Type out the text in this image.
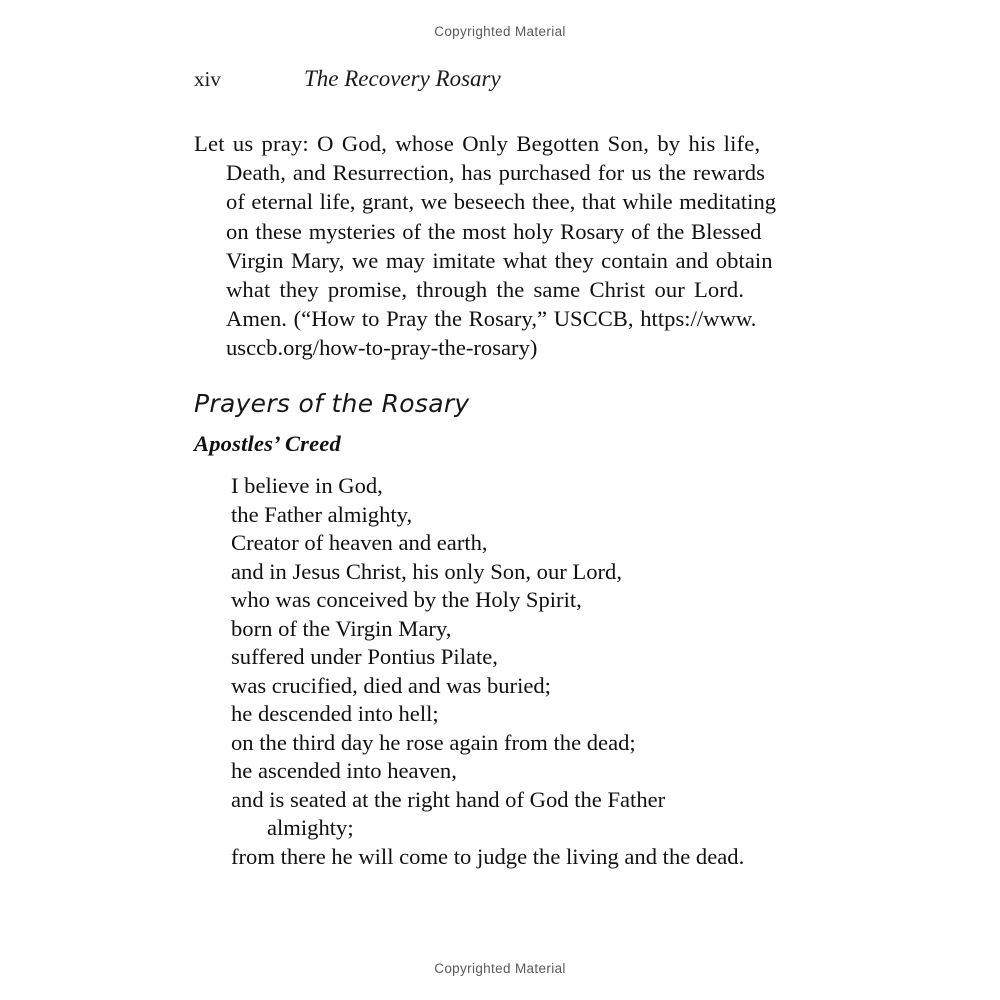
Copyrighted Material
xiv	The Recovery Rosary
Let us pray: O God, whose Only Begotten Son, by his life,
Death, and Resurrection, has purchased for us the rewards
of eternal life, grant, we beseech thee, that while meditating
on these mysteries of the most holy Rosary of the Blessed
Virgin Mary, we may imitate what they contain and obtain
what they promise, through the same Christ our Lord.
Amen. (“How to Pray the Rosary,” USCCB, https://www.
usccb.org/how-to-pray-the-rosary)
Prayers of the Rosary
Apostles’ Creed
I believe in God,
the Father almighty,
Creator of heaven and earth,
and in Jesus Christ, his only Son, our Lord,
who was conceived by the Holy Spirit,
born of the Virgin Mary,
suffered under Pontius Pilate,
was crucified, died and was buried;
he descended into hell;
on the third day he rose again from the dead;
he ascended into heaven,
and is seated at the right hand of God the Father
almighty;
from there he will come to judge the living and the dead.
Copyrighted Material
